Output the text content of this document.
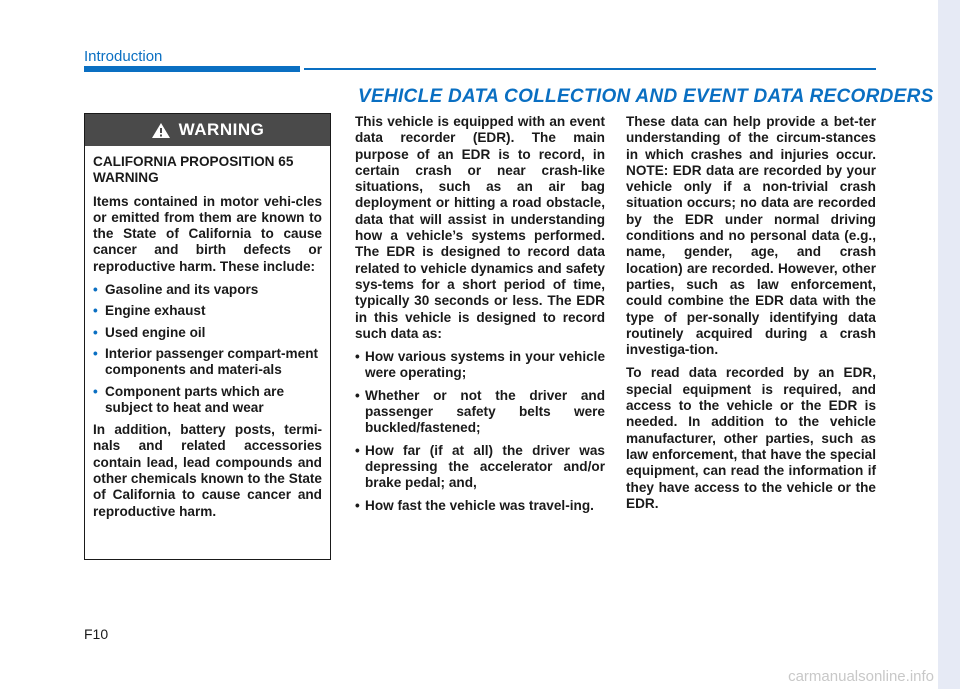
Introduction
VEHICLE DATA COLLECTION AND EVENT DATA RECORDERS
WARNING

CALIFORNIA PROPOSITION 65 WARNING

Items contained in motor vehi-cles or emitted from them are known to the State of California to cause cancer and birth defects or reproductive harm. These include:

• Gasoline and its vapors
• Engine exhaust
• Used engine oil
• Interior passenger compart-ment components and materi-als
• Component parts which are subject to heat and wear

In addition, battery posts, termi-nals and related accessories contain lead, lead compounds and other chemicals known to the State of California to cause cancer and reproductive harm.

This vehicle is equipped with an event data recorder (EDR). The main purpose of an EDR is to record, in certain crash or near crash-like situations, such as an air bag deployment or hitting a road obstacle, data that will assist in understanding how a vehicle’s systems performed. The EDR is designed to record data related to vehicle dynamics and safety sys-tems for a short period of time, typically 30 seconds or less. The EDR in this vehicle is designed to record such data as:

• How various systems in your vehicle were operating;
• Whether or not the driver and passenger safety belts were buckled/fastened;
• How far (if at all) the driver was depressing the accelerator and/or brake pedal; and,
• How fast the vehicle was travel-ing.

These data can help provide a bet-ter understanding of the circum-stances in which crashes and injuries occur. NOTE: EDR data are recorded by your vehicle only if a non-trivial crash situation occurs; no data are recorded by the EDR under normal driving conditions and no personal data (e.g., name, gender, age, and crash location) are recorded. However, other parties, such as law enforcement, could combine the EDR data with the type of per-sonally identifying data routinely acquired during a crash investiga-tion.

To read data recorded by an EDR, special equipment is required, and access to the vehicle or the EDR is needed. In addition to the vehicle manufacturer, other parties, such as law enforcement, that have the special equipment, can read the information if they have access to the vehicle or the EDR.

F10
carmanualsonline.info
